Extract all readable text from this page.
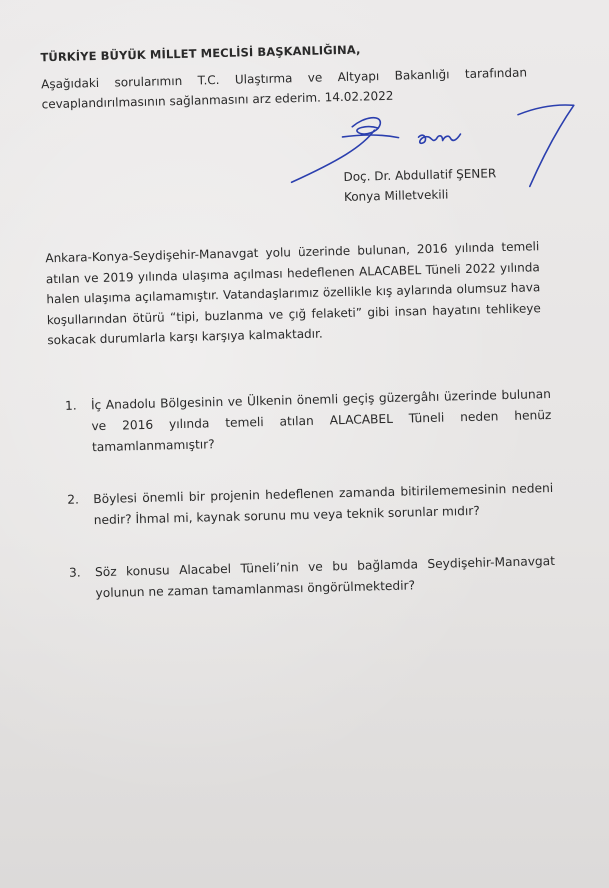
TÜRKİYE BÜYÜK MİLLET MECLİSİ BAŞKANLIĞINA,

Aşağıdaki sorularımın T.C. Ulaştırma ve Altyapı Bakanlığı tarafından cevaplandırılmasının sağlanmasını arz ederim. 14.02.2022

Doç. Dr. Abdullatif ŞENER
Konya Milletvekili

Ankara-Konya-Seydişehir-Manavgat yolu üzerinde bulunan, 2016 yılında temeli atılan ve 2019 yılında ulaşıma açılması hedeflenen ALACABEL Tüneli 2022 yılında halen ulaşıma açılamamıştır. Vatandaşlarımız özellikle kış aylarında olumsuz hava koşullarından ötürü “tipi, buzlanma ve çığ felaketi” gibi insan hayatını tehlikeye sokacak durumlarla karşı karşıya kalmaktadır.

1. İç Anadolu Bölgesinin ve Ülkenin önemli geçiş güzergâhı üzerinde bulunan ve 2016 yılında temeli atılan ALACABEL Tüneli neden henüz tamamlanmamıştır?
2. Böylesi önemli bir projenin hedeflenen zamanda bitirilememesinin nedeni nedir? İhmal mi, kaynak sorunu mu veya teknik sorunlar mıdır?
3. Söz konusu Alacabel Tüneli’nin ve bu bağlamda Seydişehir-Manavgat yolunun ne zaman tamamlanması öngörülmektedir?
